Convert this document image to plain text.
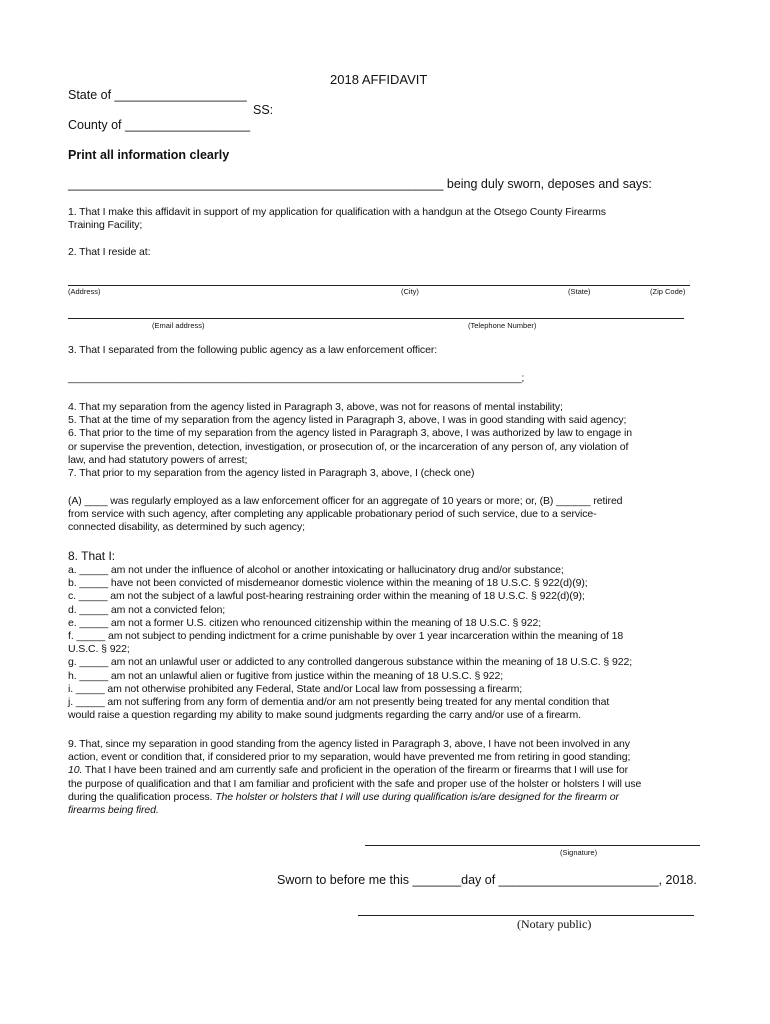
2018 AFFIDAVIT
State of ___________________
SS:
County of __________________
Print all information clearly
______________________________________________________ being duly sworn, deposes and says:
1. That I make this affidavit in support of my application for qualification with a handgun at the Otsego County Firearms
Training Facility;
2. That I reside at:
(Address)	(City)	(State)	(Zip Code)
(Email address)	(Telephone Number)
3. That I separated from the following public agency as a law enforcement officer:
_______________________________________________________________________________;
4. That my separation from the agency listed in Paragraph 3, above, was not for reasons of mental instability;
5. That at the time of my separation from the agency listed in Paragraph 3, above, I was in good standing with said agency;
6. That prior to the time of my separation from the agency listed in Paragraph 3, above, I was authorized by law to engage in
or supervise the prevention, detection, investigation, or prosecution of, or the incarceration of any person of, any violation of
law, and had statutory powers of arrest;
7. That prior to my separation from the agency listed in Paragraph 3, above, I (check one)
(A) ____ was regularly employed as a law enforcement officer for an aggregate of 10 years or more; or, (B) ______ retired
from service with such agency, after completing any applicable probationary period of such service, due to a service-
connected disability, as determined by such agency;
8. That I:
a. _____ am not under the influence of alcohol or another intoxicating or hallucinatory drug and/or substance;
b. _____ have not been convicted of misdemeanor domestic violence within the meaning of 18 U.S.C. § 922(d)(9);
c. _____ am not the subject of a lawful post-hearing restraining order within the meaning of 18 U.S.C. § 922(d)(9);
d. _____ am not a convicted felon;
e. _____ am not a former U.S. citizen who renounced citizenship within the meaning of 18 U.S.C. § 922;
f. _____ am not subject to pending indictment for a crime punishable by over 1 year incarceration within the meaning of 18
U.S.C. § 922;
g. _____ am not an unlawful user or addicted to any controlled dangerous substance within the meaning of 18 U.S.C. § 922;
h. _____ am not an unlawful alien or fugitive from justice within the meaning of 18 U.S.C. § 922;
i. _____ am not otherwise prohibited any Federal, State and/or Local law from possessing a firearm;
j. _____ am not suffering from any form of dementia and/or am not presently being treated for any mental condition that
would raise a question regarding my ability to make sound judgments regarding the carry and/or use of a firearm.
9. That, since my separation in good standing from the agency listed in Paragraph 3, above, I have not been involved in any
action, event or condition that, if considered prior to my separation, would have prevented me from retiring in good standing;
10. That I have been trained and am currently safe and proficient in the operation of the firearm or firearms that I will use for
the purpose of qualification and that I am familiar and proficient with the safe and proper use of the holster or holsters I will use
during the qualification process. The holster or holsters that I will use during qualification is/are designed for the firearm or
firearms being fired.
(Signature)
Sworn to before me this _______day of _______________________, 2018.
(Notary public)
